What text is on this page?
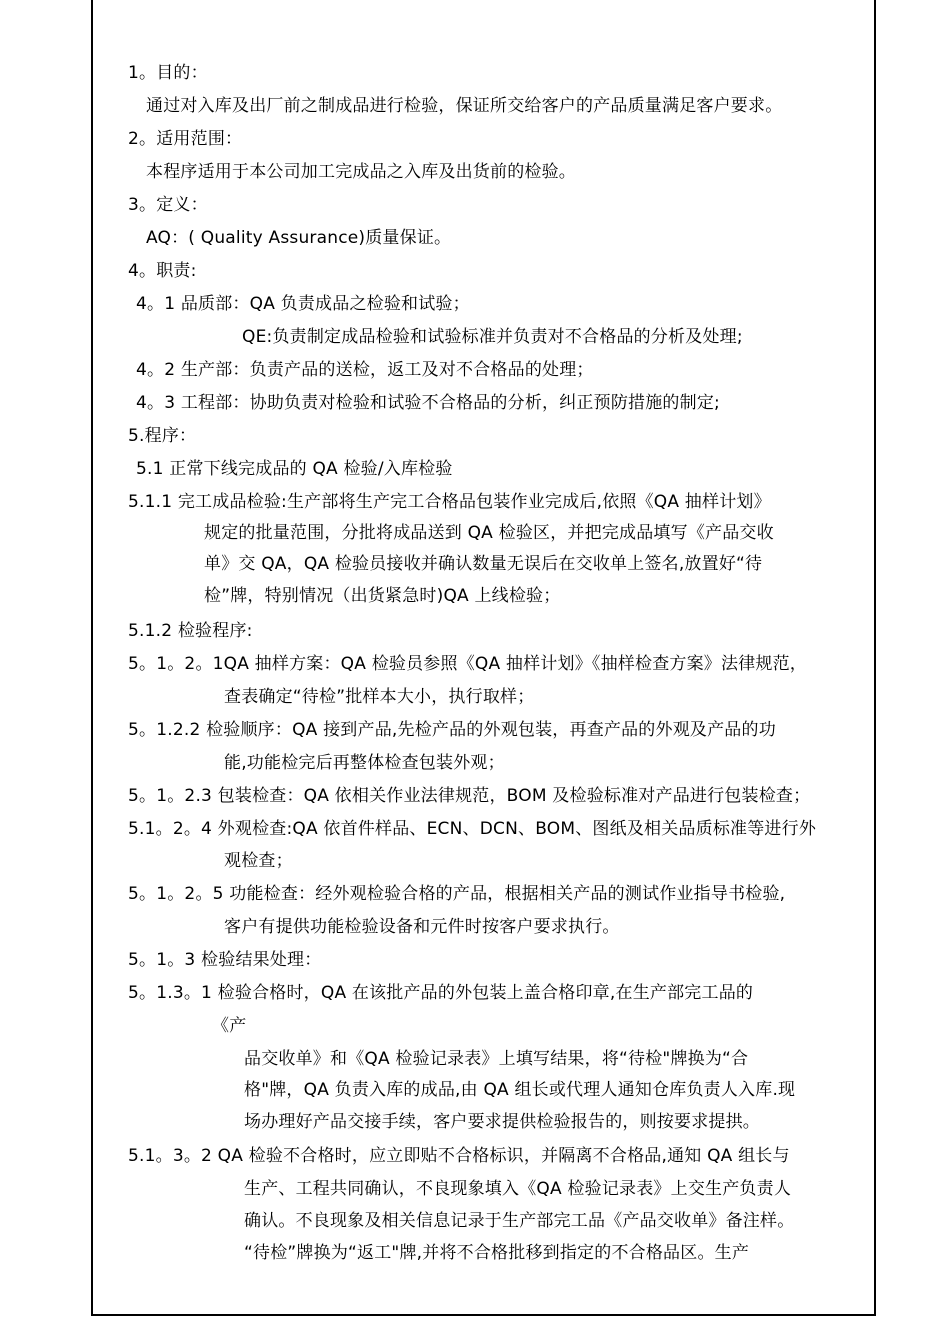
1。目的：
通过对入库及出厂前之制成品进行检验，保证所交给客户的产品质量满足客户要求。
2。适用范围：
本程序适用于本公司加工完成品之入库及出货前的检验。
3。定义：
AQ：( Quality Assurance)质量保证。
4。职责:
4。1 品质部：QA 负责成品之检验和试验；
QE:负责制定成品检验和试验标准并负责对不合格品的分析及处理;
4。2 生产部：负责产品的送检，返工及对不合格品的处理；
4。3 工程部：协助负责对检验和试验不合格品的分析，纠正预防措施的制定;
5.程序：
5.1 正常下线完成品的 QA 检验/入库检验
5.1.1 完工成品检验:生产部将生产完工合格品包装作业完成后,依照《QA 抽样计划》
规定的批量范围，分批将成品送到 QA 检验区，并把完成品填写《产品交收
单》交 QA，QA 检验员接收并确认数量无误后在交收单上签名,放置好“待
检”牌，特别情况（出货紧急时)QA 上线检验；
5.1.2 检验程序:
5。1。2。1QA 抽样方案：QA 检验员参照《QA 抽样计划》《抽样检查方案》法律规范，
查表确定“待检”批样本大小，执行取样；
5。1.2.2 检验顺序：QA 接到产品,先检产品的外观包装，再查产品的外观及产品的功
能,功能检完后再整体检查包装外观；
5。1。2.3 包装检查：QA 依相关作业法律规范，BOM 及检验标准对产品进行包装检查；
5.1。2。4 外观检查:QA 依首件样品、ECN、DCN、BOM、图纸及相关品质标准等进行外
观检查；
5。1。2。5 功能检查：经外观检验合格的产品，根据相关产品的测试作业指导书检验,
客户有提供功能检验设备和元件时按客户要求执行。
5。1。3 检验结果处理：
5。1.3。1 检验合格时，QA 在该批产品的外包装上盖合格印章,在生产部完工品的
《产
品交收单》和《QA 检验记录表》上填写结果，将“待检"牌换为“合
格"牌，QA 负责入库的成品,由 QA 组长或代理人通知仓库负责人入库.现
场办理好产品交接手续，客户要求提供检验报告的，则按要求提拱。
5.1。3。2 QA 检验不合格时，应立即贴不合格标识，并隔离不合格品,通知 QA 组长与
生产、工程共同确认，不良现象填入《QA 检验记录表》上交生产负责人
确认。不良现象及相关信息记录于生产部完工品《产品交收单》备注样。
“待检”牌换为“返工"牌,并将不合格批移到指定的不合格品区。生产
